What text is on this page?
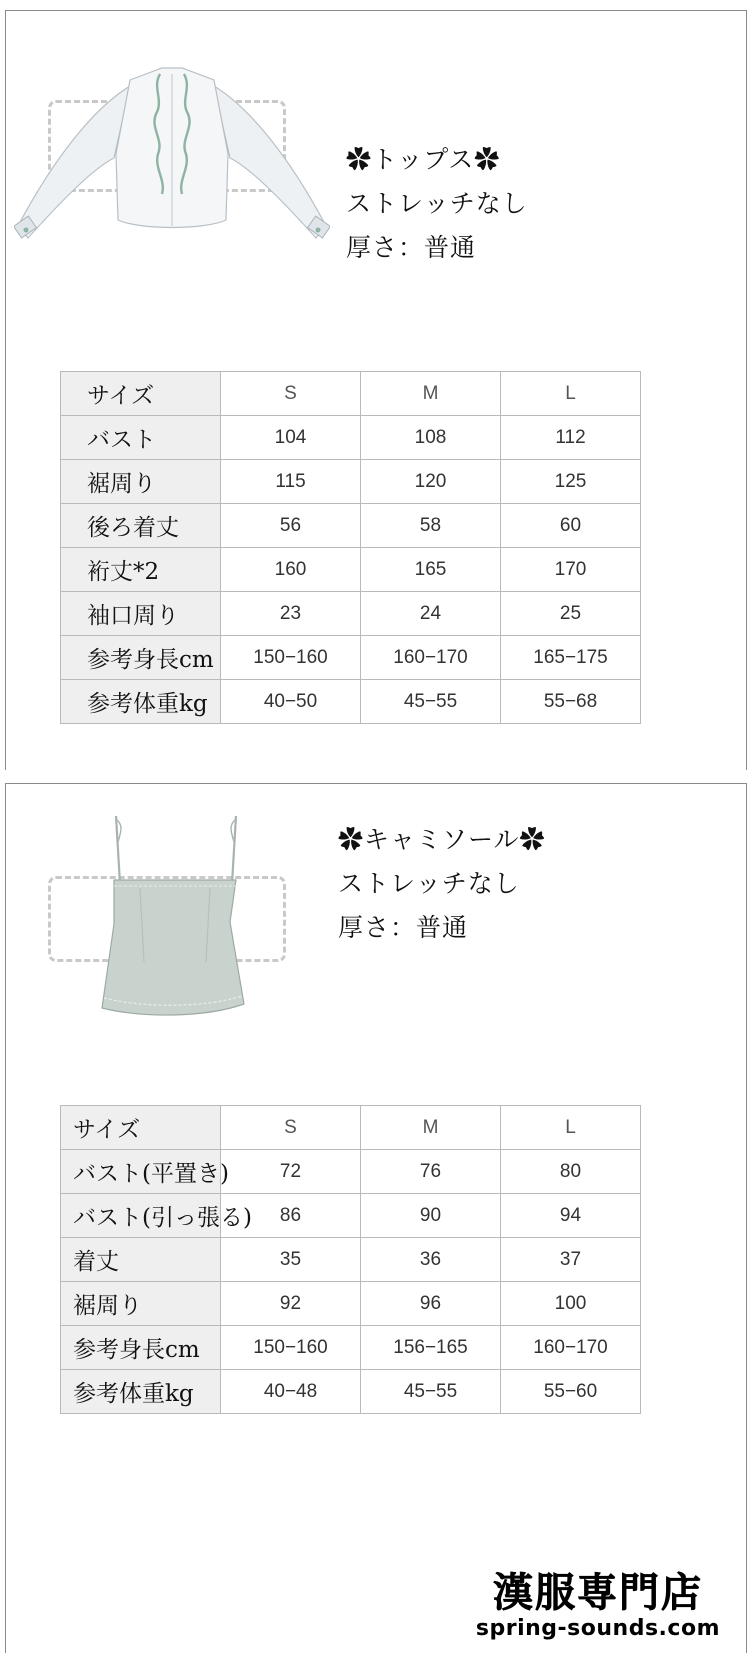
✿トップス✿
ストレッチなし
厚さ：普通
サイズ	S	M	L
バスト	104	108	112
裾周り	115	120	125
後ろ着丈	56	58	60
裄丈*2	160	165	170
袖口周り	23	24	25
参考身長cm	150−160	160−170	165−175
参考体重kg	40−50	45−55	55−68
✿キャミソール✿
ストレッチなし
厚さ：普通
サイズ	S	M	L
バスト(平置き)	72	76	80
バスト(引っ張る)	86	90	94
着丈	35	36	37
裾周り	92	96	100
参考身長cm	150−160	156−165	160−170
参考体重kg	40−48	45−55	55−60
漢服専門店
spring-sounds.com
